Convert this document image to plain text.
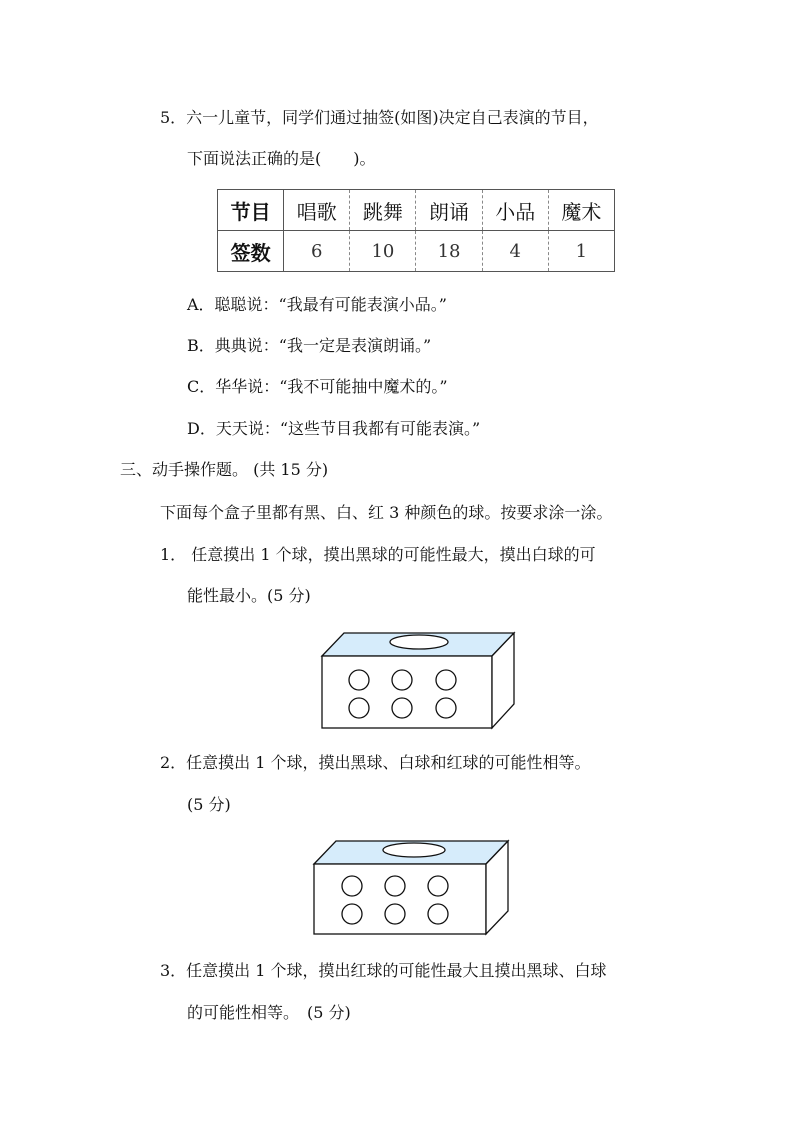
5．六一儿童节，同学们通过抽签(如图)决定自己表演的节目，
下面说法正确的是(　　)。
节目	唱歌	跳舞	朗诵	小品	魔术
签数	6	10	18	4	1
A．聪聪说：“我最有可能表演小品。”
B．典典说：“我一定是表演朗诵。”
C．华华说：“我不可能抽中魔术的。”
D．天天说：“这些节目我都有可能表演。”
三、动手操作题。 (共 15 分)
下面每个盒子里都有黑、白、红 3 种颜色的球。按要求涂一涂。
1． 任意摸出 1 个球，摸出黑球的可能性最大，摸出白球的可
能性最小。(5 分)
2．任意摸出 1 个球，摸出黑球、白球和红球的可能性相等。
(5 分)
3．任意摸出 1 个球，摸出红球的可能性最大且摸出黑球、白球
的可能性相等。　(5 分)
